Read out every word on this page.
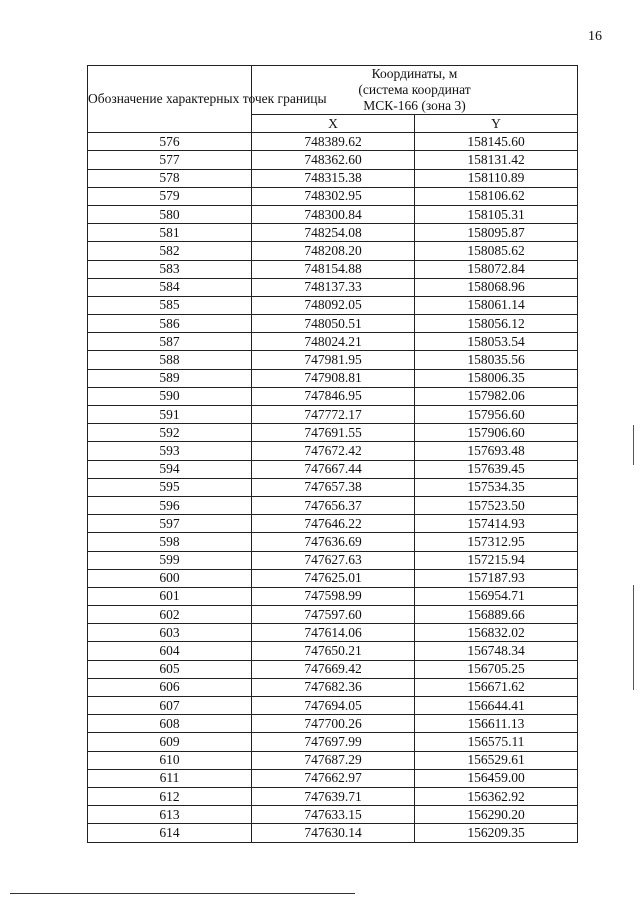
16
Обозначение характерных точек границы	Координаты, м
(система координат
МСК-166 (зона 3)	

	X	Y
576	748389.62	158145.60
577	748362.60	158131.42
578	748315.38	158110.89
579	748302.95	158106.62
580	748300.84	158105.31
581	748254.08	158095.87
582	748208.20	158085.62
583	748154.88	158072.84
584	748137.33	158068.96
585	748092.05	158061.14
586	748050.51	158056.12
587	748024.21	158053.54
588	747981.95	158035.56
589	747908.81	158006.35
590	747846.95	157982.06
591	747772.17	157956.60
592	747691.55	157906.60
593	747672.42	157693.48
594	747667.44	157639.45
595	747657.38	157534.35
596	747656.37	157523.50
597	747646.22	157414.93
598	747636.69	157312.95
599	747627.63	157215.94
600	747625.01	157187.93
601	747598.99	156954.71
602	747597.60	156889.66
603	747614.06	156832.02
604	747650.21	156748.34
605	747669.42	156705.25
606	747682.36	156671.62
607	747694.05	156644.41
608	747700.26	156611.13
609	747697.99	156575.11
610	747687.29	156529.61
611	747662.97	156459.00
612	747639.71	156362.92
613	747633.15	156290.20
614	747630.14	156209.35
